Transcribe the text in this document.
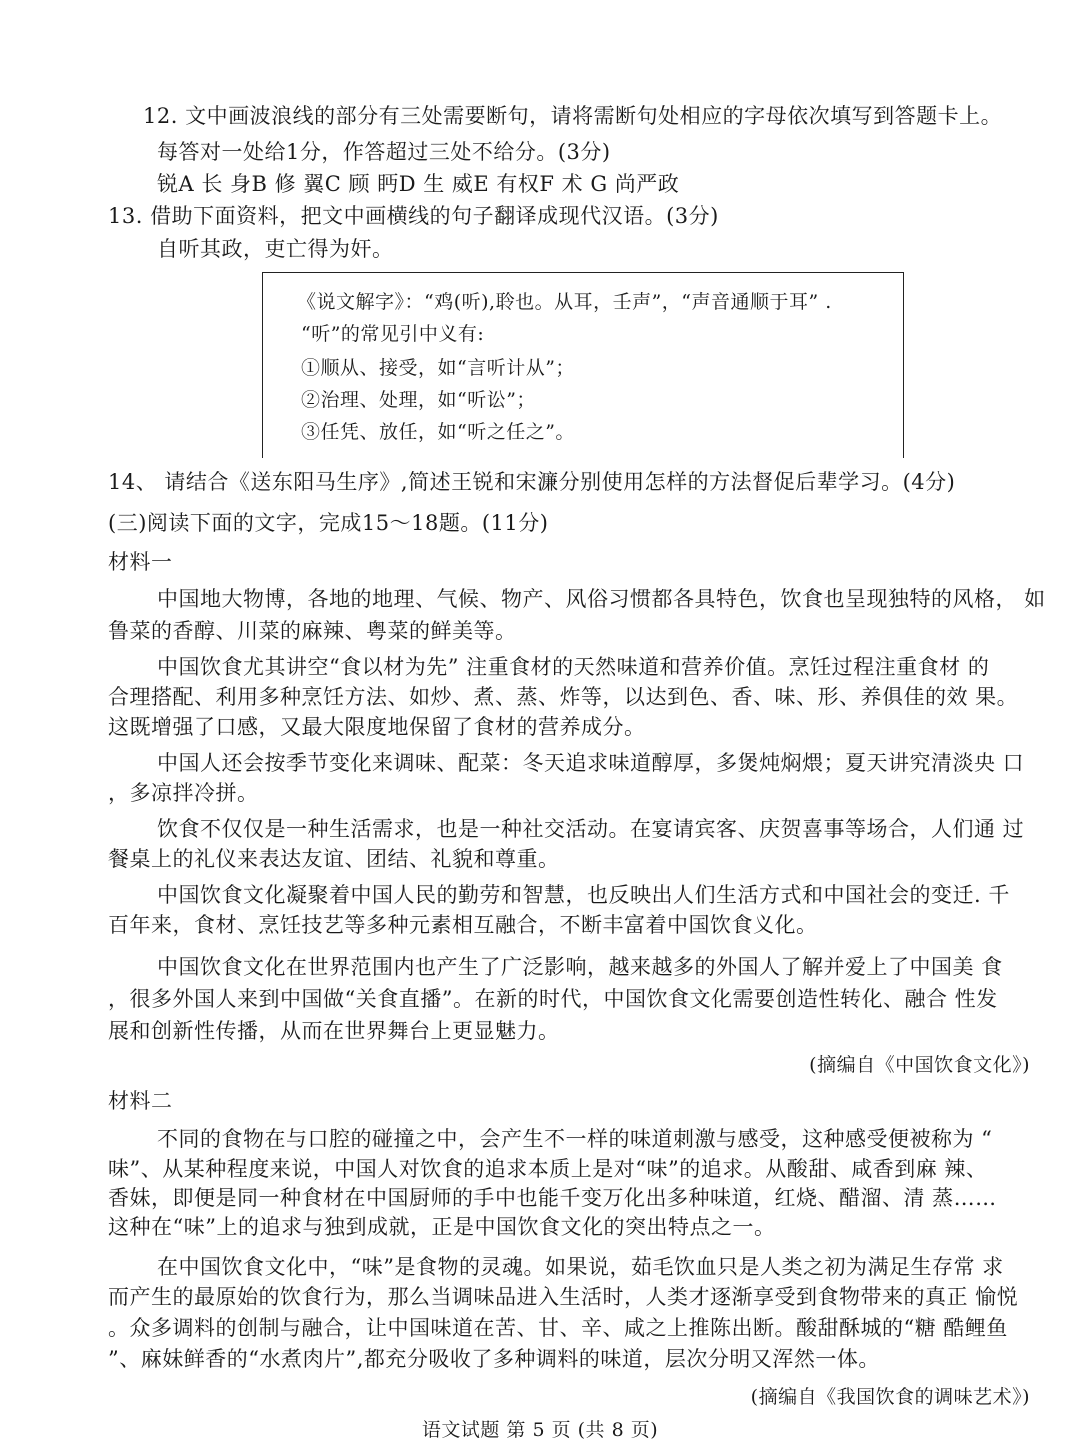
12. 文中画波浪线的部分有三处需要断句，请将需断句处相应的字母依次填写到答题卡上。

每答对一处给1分，作答超过三处不给分。(3分)

锐A 长 身B 修 翼C 顾 眄D 生 威E 有权F 术 G 尚严政

13. 借助下面资料，把文中画横线的句子翻译成现代汉语。(3分)

自听其政，吏亡得为奸。

《说文解字》：“鸡(听),聆也。从耳，壬声”，“声音通顺于耳” .

“听”的常见引中义有:

①顺从、接受，如“言听计从”；

②治理、处理，如“听讼”；

③任凭、放任，如“听之任之”。

14、 请结合《送东阳马生序》,简述王锐和宋濂分别使用怎样的方法督促后辈学习。(4分)

(三)阅读下面的文字，完成15～18题。(11分)

材料一

中国地大物博，各地的地理、气候、物产、风俗习惯都各具特色，饮食也呈现独特的风格， 如

鲁菜的香醇、川菜的麻辣、粤菜的鲜美等。

中国饮食尤其讲空“食以材为先” 注重食材的天然味道和营养价值。烹饪过程注重食材 的

合理搭配、利用多种烹饪方法、如炒、煮、蒸、炸等，以达到色、香、味、形、养俱佳的效 果。

这既增强了口感，又最大限度地保留了食材的营养成分。

中国人还会按季节变化来调味、配菜：冬天追求味道醇厚，多煲炖焖煨；夏天讲究清淡央 口

，多凉拌冷拼。

饮食不仅仅是一种生活需求，也是一种社交活动。在宴请宾客、庆贺喜事等场合，人们通 过

餐桌上的礼仪来表达友谊、团结、礼貌和尊重。

中国饮食文化凝聚着中国人民的勤劳和智慧，也反映出人们生活方式和中国社会的变迁. 千

百年来，食材、烹饪技艺等多种元素相互融合，不断丰富着中国饮食义化。

中国饮食文化在世界范围内也产生了广泛影响，越来越多的外国人了解并爱上了中国美 食

，很多外国人来到中国做“关食直播”。在新的时代，中国饮食文化需要创造性转化、融合 性发

展和创新性传播，从而在世界舞台上更显魅力。

(摘编自《中国饮食文化》)

材料二

不同的食物在与口腔的碰撞之中，会产生不一样的味道刺激与感受，这种感受便被称为 “

味”、从某种程度来说，中国人对饮食的追求本质上是对“味”的追求。从酸甜、咸香到麻 辣、

香妹，即便是同一种食材在中国厨师的手中也能千变万化出多种味道，红烧、醋溜、清 蒸……

这种在“味”上的追求与独到成就，正是中国饮食文化的突出特点之一。

在中国饮食文化中，“味”是食物的灵魂。如果说，茹毛饮血只是人类之初为满足生存常 求

而产生的最原始的饮食行为，那么当调味品进入生活时，人类才逐渐享受到食物带来的真正 愉悦

。众多调料的创制与融合，让中国味道在苦、甘、辛、咸之上推陈出断。酸甜酥城的“糖 酷鲤鱼

”、麻妹鲜香的“水煮肉片”,都充分吸收了多种调料的味道，层次分明又浑然一体。

(摘编自《我国饮食的调味艺术》)

语文试题 第 5 页 (共 8 页)
